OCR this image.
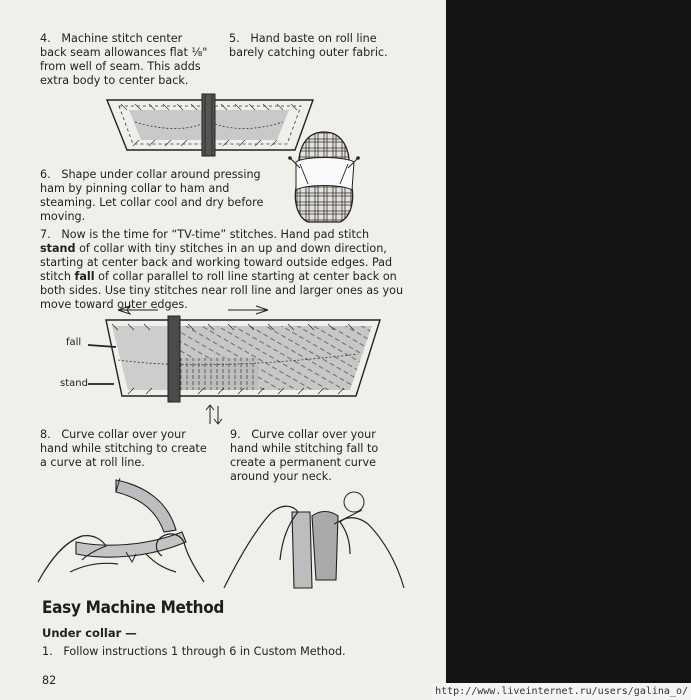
4.   Machine stitch center back seam allowances flat ⅛" from well of seam. This adds extra body to center back.
5.   Hand baste on roll line barely catching outer fabric.
6.   Shape under collar around pressing ham by pinning collar to ham and steaming. Let collar cool and dry before moving.
7.   Now is the time for “TV-time” stitches. Hand pad stitch stand of collar with tiny stitches in an up and down direction, starting at center back and working toward outside edges. Pad stitch fall of collar parallel to roll line starting at center back on both sides. Use tiny stitches near roll line and larger ones as you move toward outer edges.
fall
stand
8.   Curve collar over your hand while stitching to create a curve at roll line.
9.   Curve collar over your hand while stitching fall to create a permanent curve around your neck.
Easy Machine Method
Under collar —
1.   Follow instructions 1 through 6 in Custom Method.
82
http://www.liveinternet.ru/users/galina_o/
